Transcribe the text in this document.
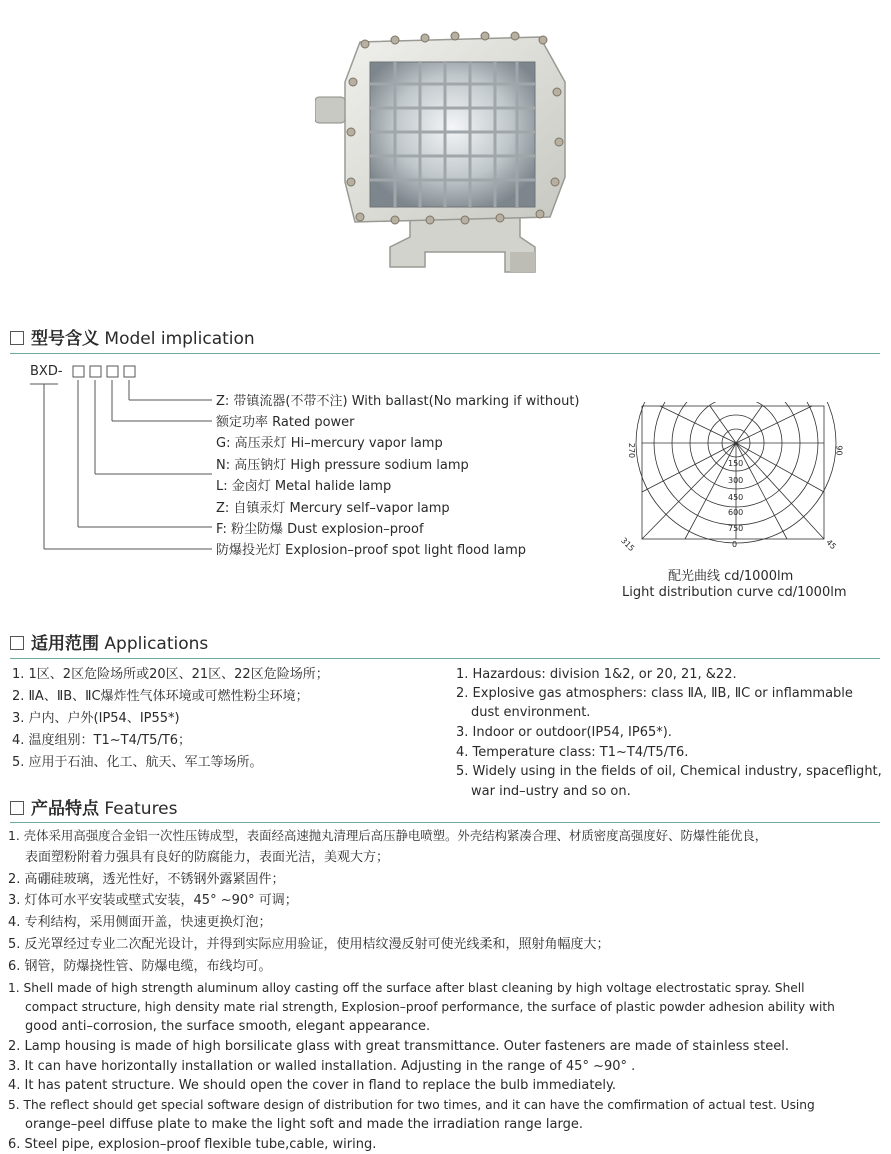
型号含义 Model implication
BXD-
Z: 带镇流器(不带不注) With ballast(No marking if without)
额定功率 Rated power
G: 高压汞灯 Hi–mercury vapor lamp
N: 高压钠灯 High pressure sodium lamp
L: 金卤灯 Metal halide lamp
Z: 自镇汞灯 Mercury self–vapor lamp
F: 粉尘防爆 Dust explosion–proof
防爆投光灯 Explosion–proof spot light flood lamp
270	90
315	0	45
150
300
450
600
750
配光曲线 cd/1000lm
Light distribution curve cd/1000lm
适用范围 Applications
1. 1区、2区危险场所或20区、21区、22区危险场所；
2. ⅡA、ⅡB、ⅡC爆炸性气体环境或可燃性粉尘环境；
3. 户内、户外(IP54、IP55*)
4. 温度组别：T1~T4/T5/T6；
5. 应用于石油、化工、航天、军工等场所。
1. Hazardous: division 1&2, or 20, 21, &22.
2. Explosive gas atmosphers: class ⅡA, ⅡB, ⅡC or inflammable
dust environment.
3. Indoor or outdoor(IP54, IP65*).
4. Temperature class: T1~T4/T5/T6.
5. Widely using in the fields of oil, Chemical industry, spaceflight,
war ind–ustry and so on.
产品特点 Features
1. 壳体采用高强度合金铝一次性压铸成型，表面经高速抛丸清理后高压静电喷塑。外壳结构紧凑合理、材质密度高强度好、防爆性能优良，
表面塑粉附着力强具有良好的防腐能力，表面光洁，美观大方；
2. 高硼硅玻璃，透光性好，不锈钢外露紧固件；
3. 灯体可水平安装或壁式安装，45° ~90° 可调；
4. 专利结构，采用侧面开盖，快速更换灯泡；
5. 反光罩经过专业二次配光设计，并得到实际应用验证，使用桔纹漫反射可使光线柔和，照射角幅度大；
6. 钢管，防爆挠性管、防爆电缆，布线均可。
1. Shell made of high strength aluminum alloy casting off the surface after blast cleaning by high voltage electrostatic spray. Shell
compact structure, high density mate rial strength, Explosion–proof performance, the surface of plastic powder adhesion ability with
good anti–corrosion, the surface smooth, elegant appearance.
2. Lamp housing is made of high borsilicate glass with great transmittance. Outer fasteners are made of stainless steel.
3. It can have horizontally installation or walled installation. Adjusting in the range of 45° ~90° .
4. It has patent structure. We should open the cover in fland to replace the bulb immediately.
5. The reflect should get special software design of distribution for two times, and it can have the comfirmation of actual test. Using
orange–peel diffuse plate to make the light soft and made the irradiation range large.
6. Steel pipe, explosion–proof flexible tube,cable, wiring.
